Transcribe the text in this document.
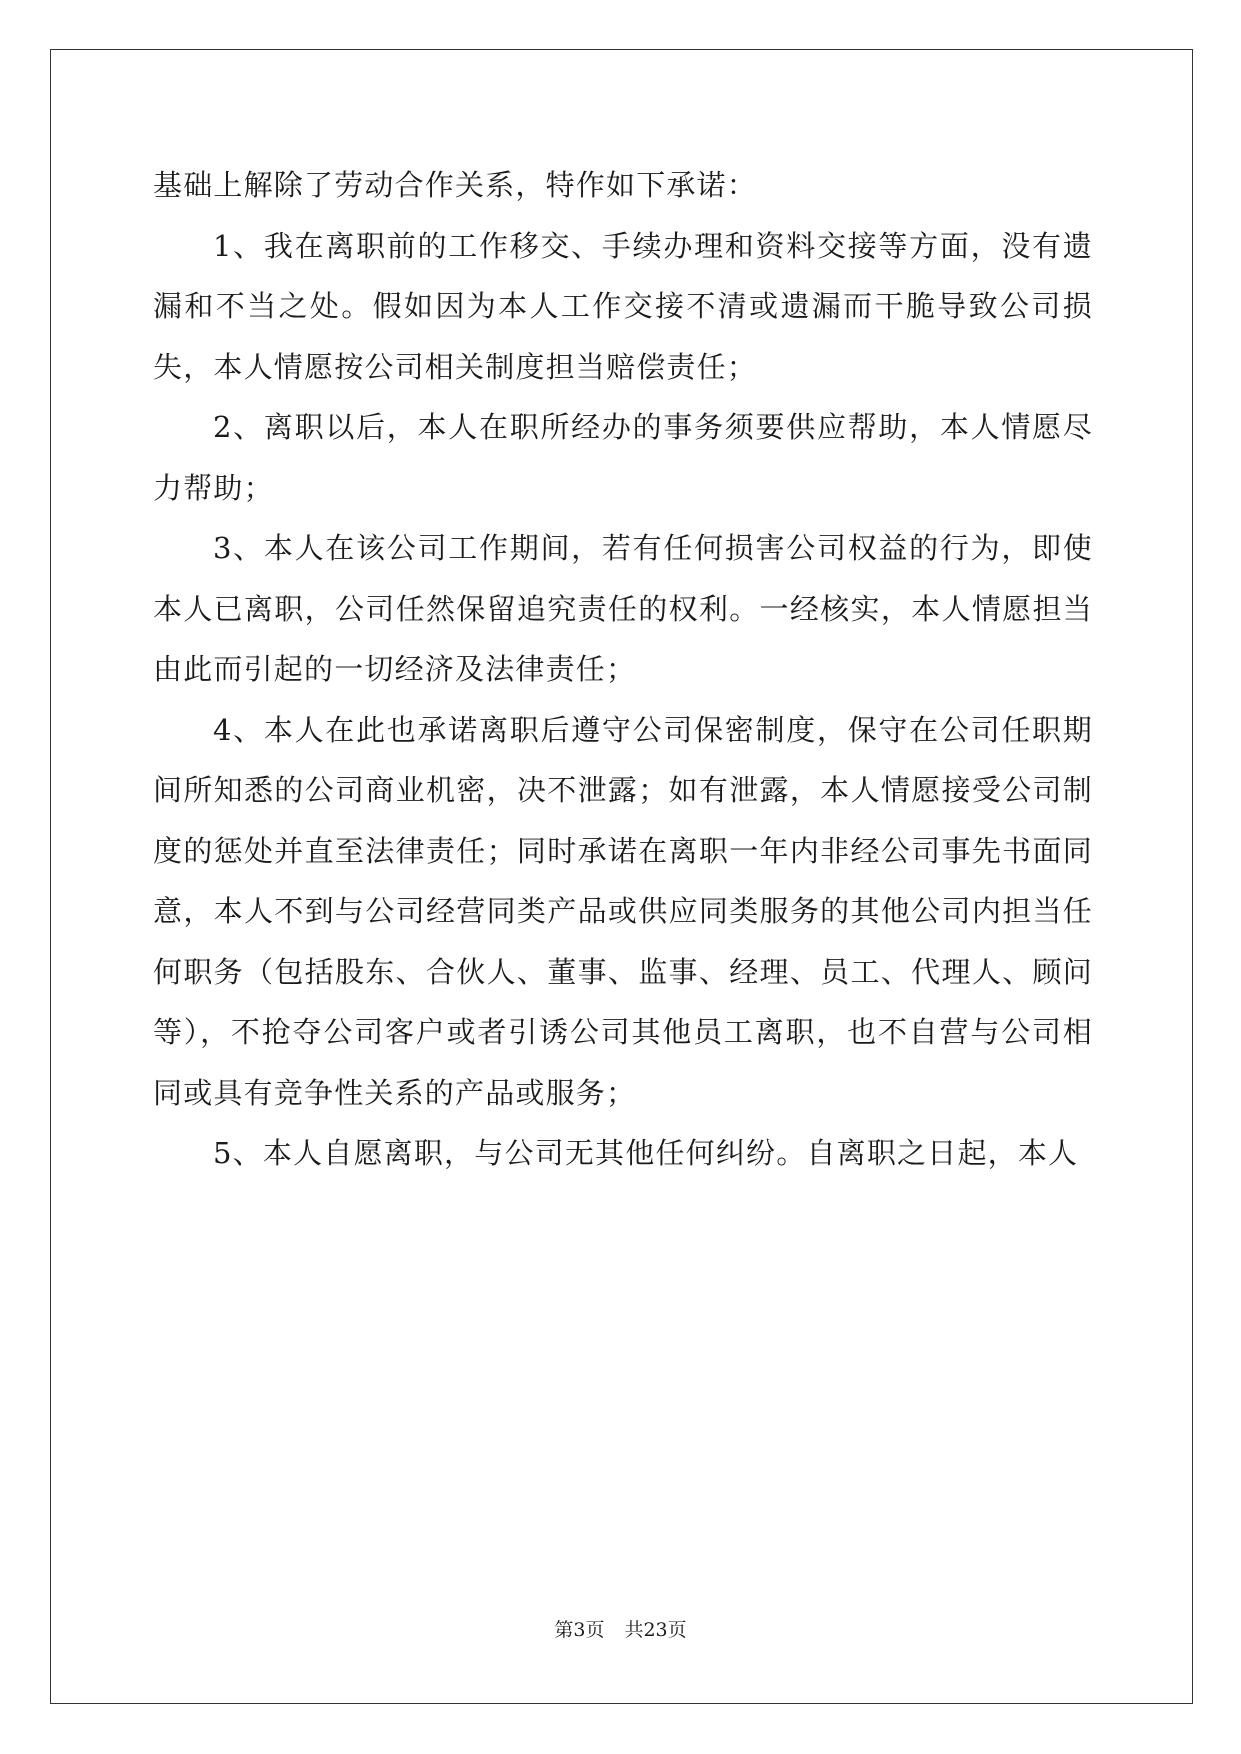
基础上解除了劳动合作关系，特作如下承诺：

1、我在离职前的工作移交、手续办理和资料交接等方面，没有遗漏和不当之处。假如因为本人工作交接不清或遗漏而干脆导致公司损失，本人情愿按公司相关制度担当赔偿责任；

2、离职以后，本人在职所经办的事务须要供应帮助，本人情愿尽力帮助；

3、本人在该公司工作期间，若有任何损害公司权益的行为，即使本人已离职，公司任然保留追究责任的权利。一经核实，本人情愿担当由此而引起的一切经济及法律责任；

4、本人在此也承诺离职后遵守公司保密制度，保守在公司任职期间所知悉的公司商业机密，决不泄露；如有泄露，本人情愿接受公司制度的惩处并直至法律责任；同时承诺在离职一年内非经公司事先书面同意，本人不到与公司经营同类产品或供应同类服务的其他公司内担当任何职务（包括股东、合伙人、董事、监事、经理、员工、代理人、顾问等），不抢夺公司客户或者引诱公司其他员工离职，也不自营与公司相同或具有竞争性关系的产品或服务；

5、本人自愿离职，与公司无其他任何纠纷。自离职之日起，本人

第3页 共23页
